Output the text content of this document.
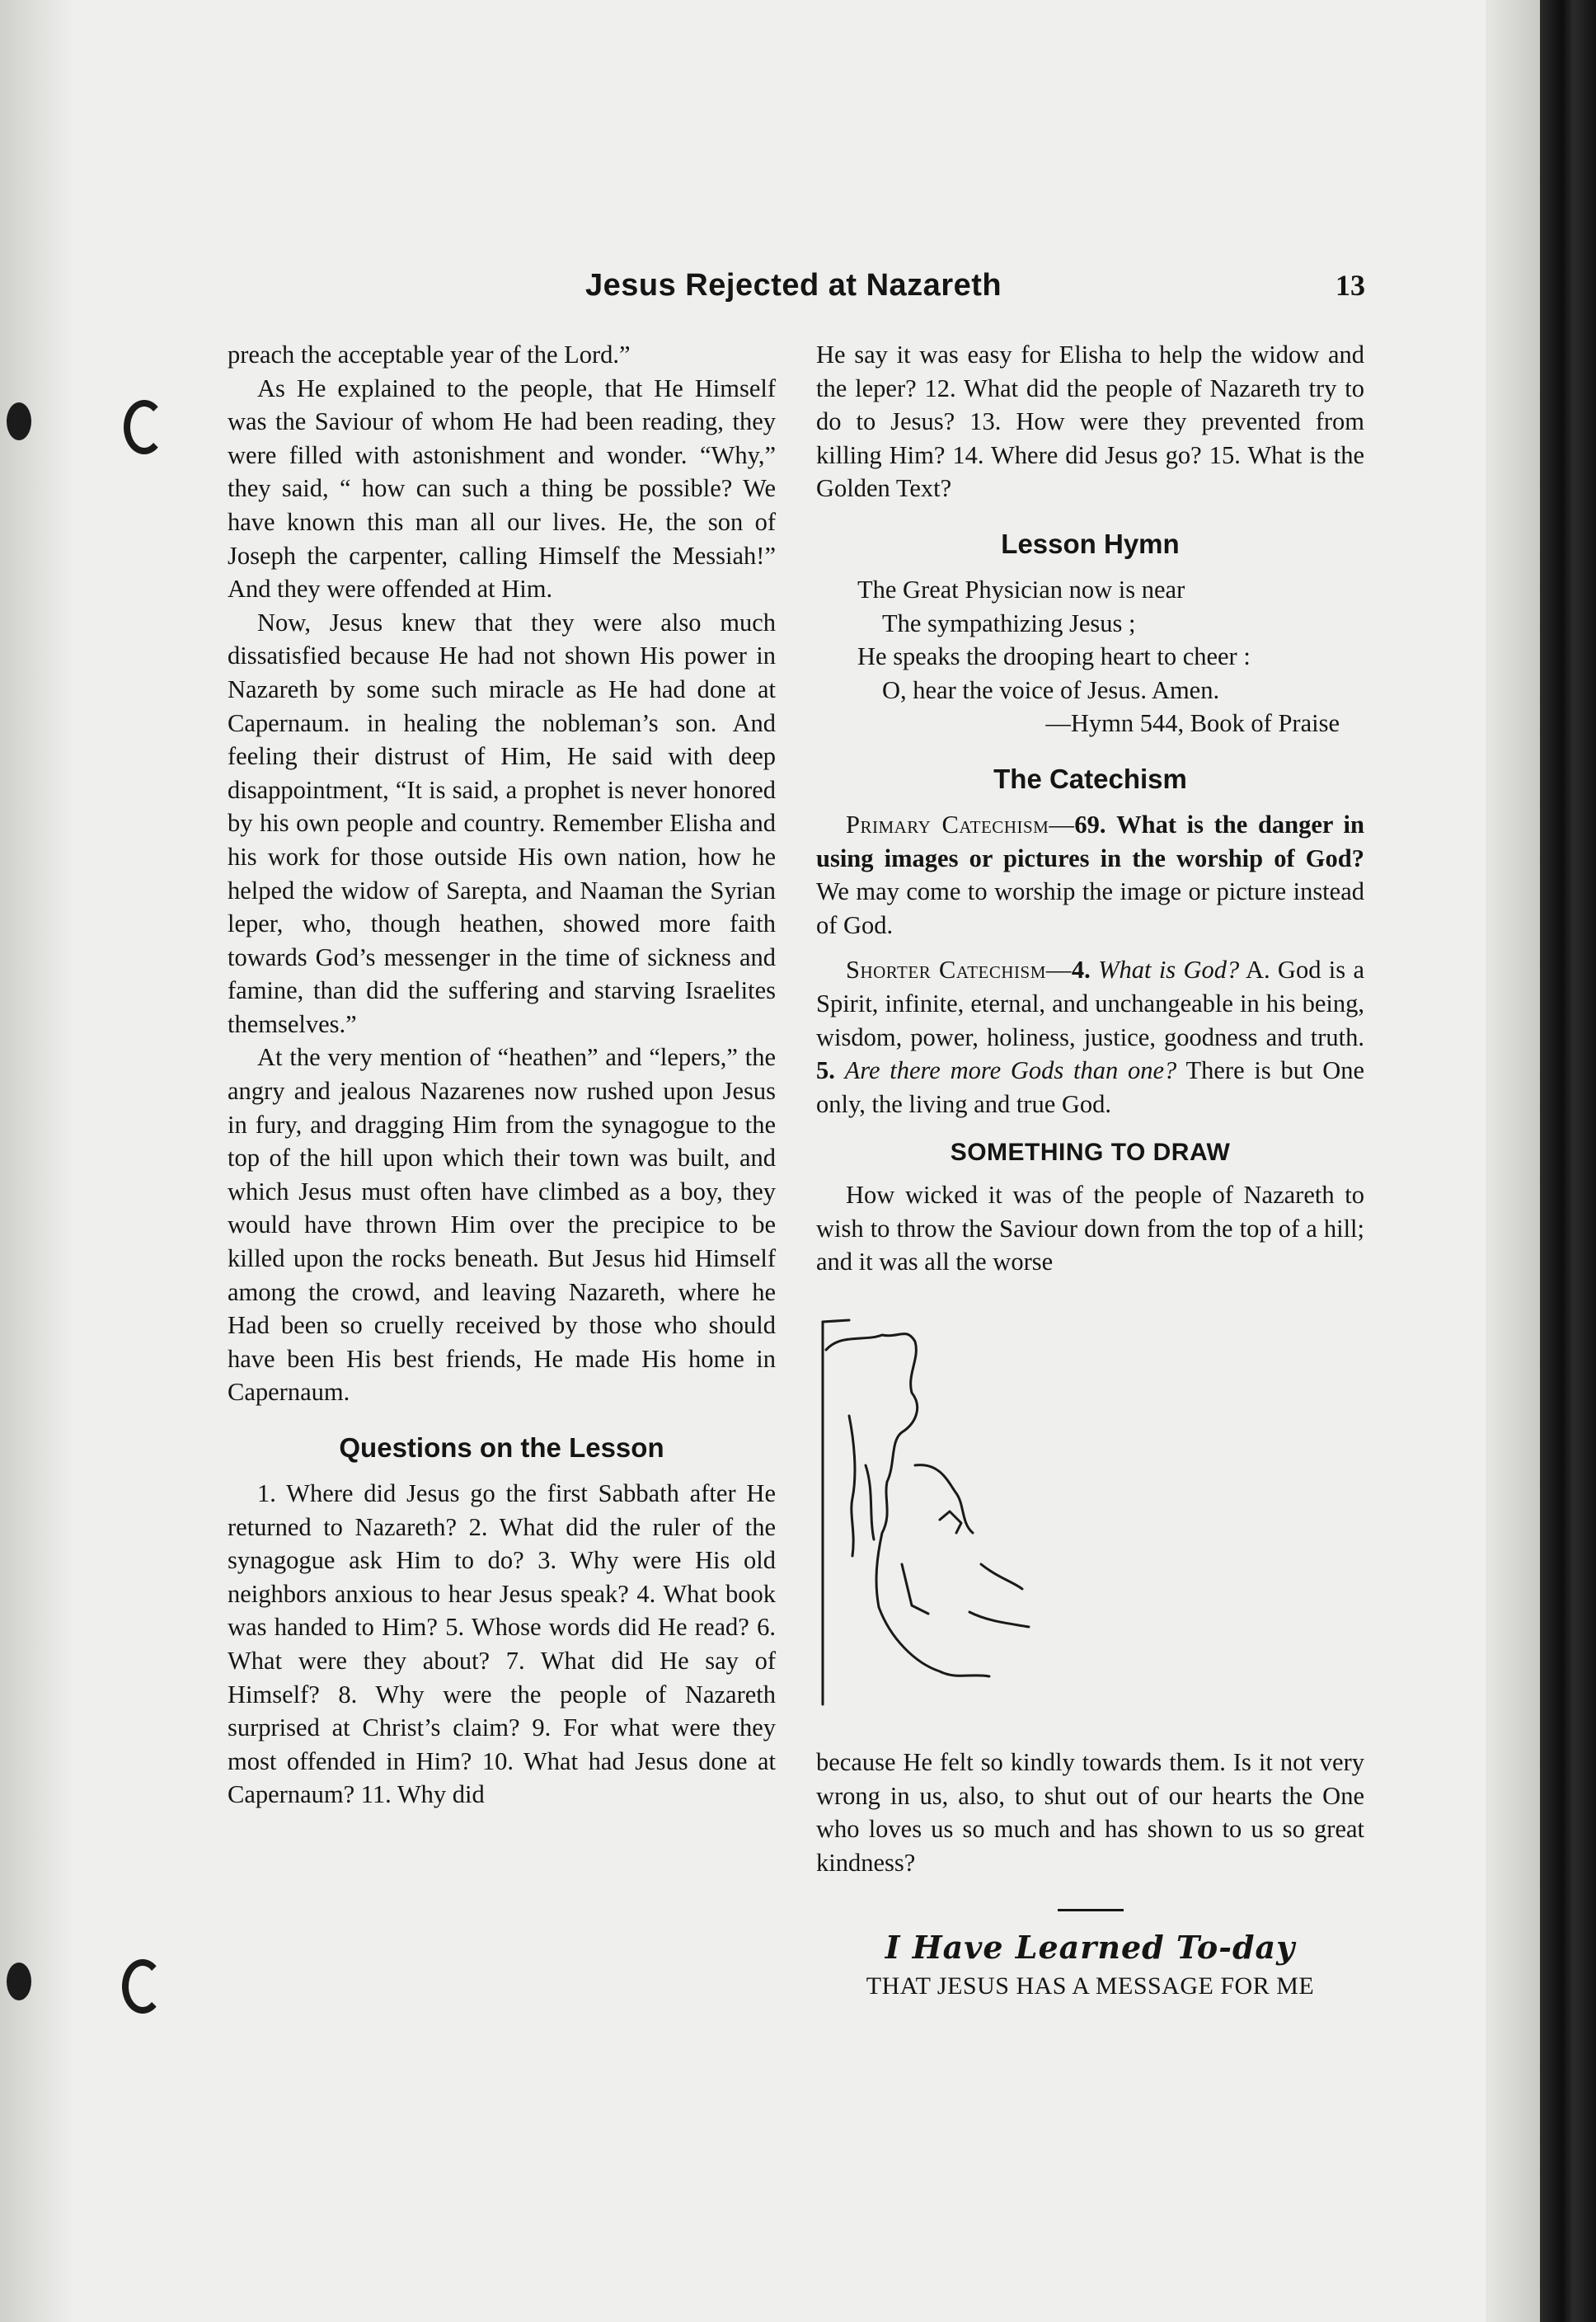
Jesus Rejected at Nazareth	13

preach the acceptable year of the Lord.”

As He explained to the people, that He Himself was the Saviour of whom He had been reading, they were filled with astonishment and wonder. “Why,” they said, “ how can such a thing be possible? We have known this man all our lives. He, the son of Joseph the carpenter, calling Himself the Messiah!” And they were offended at Him.

Now, Jesus knew that they were also much dissatisfied because He had not shown His power in Nazareth by some such miracle as He had done at Capernaum. in healing the nobleman’s son. And feeling their distrust of Him, He said with deep disappointment, “It is said, a prophet is never honored by his own people and country. Remember Elisha and his work for those outside His own nation, how he helped the widow of Sarepta, and Naaman the Syrian leper, who, though heathen, showed more faith towards God’s messenger in the time of sickness and famine, than did the suffering and starving Israelites themselves.”

At the very mention of “heathen” and “lepers,” the angry and jealous Nazarenes now rushed upon Jesus in fury, and dragging Him from the synagogue to the top of the hill upon which their town was built, and which Jesus must often have climbed as a boy, they would have thrown Him over the precipice to be killed upon the rocks beneath. But Jesus hid Himself among the crowd, and leaving Nazareth, where he Had been so cruelly received by those who should have been His best friends, He made His home in Capernaum.

Questions on the Lesson

1. Where did Jesus go the first Sabbath after He returned to Nazareth? 2. What did the ruler of the synagogue ask Him to do? 3. Why were His old neighbors anxious to hear Jesus speak? 4. What book was handed to Him? 5. Whose words did He read? 6. What were they about? 7. What did He say of Himself? 8. Why were the people of Nazareth surprised at Christ’s claim? 9. For what were they most offended in Him? 10. What had Jesus done at Capernaum? 11. Why did

He say it was easy for Elisha to help the widow and the leper? 12. What did the people of Nazareth try to do to Jesus? 13. How were they prevented from killing Him? 14. Where did Jesus go? 15. What is the Golden Text?

Lesson Hymn
The Great Physician now is near
The sympathizing Jesus ;
He speaks the drooping heart to cheer :
O, hear the voice of Jesus. Amen.
—Hymn 544, Book of Praise
The Catechism

Primary Catechism—69. What is the danger in using images or pictures in the worship of God? We may come to worship the image or picture instead of God.

Shorter Catechism—4. What is God? A. God is a Spirit, infinite, eternal, and unchangeable in his being, wisdom, power, holiness, justice, goodness and truth. 5. Are there more Gods than one? There is but One only, the living and true God.

SOMETHING TO DRAW

How wicked it was of the people of Nazareth to wish to throw the Saviour down from the top of a hill; and it was all the worse

because He felt so kindly towards them. Is it not very wrong in us, also, to shut out of our hearts the One who loves us so much and has shown to us so great kindness?

I Have Learned To-day
THAT JESUS HAS A MESSAGE FOR ME
